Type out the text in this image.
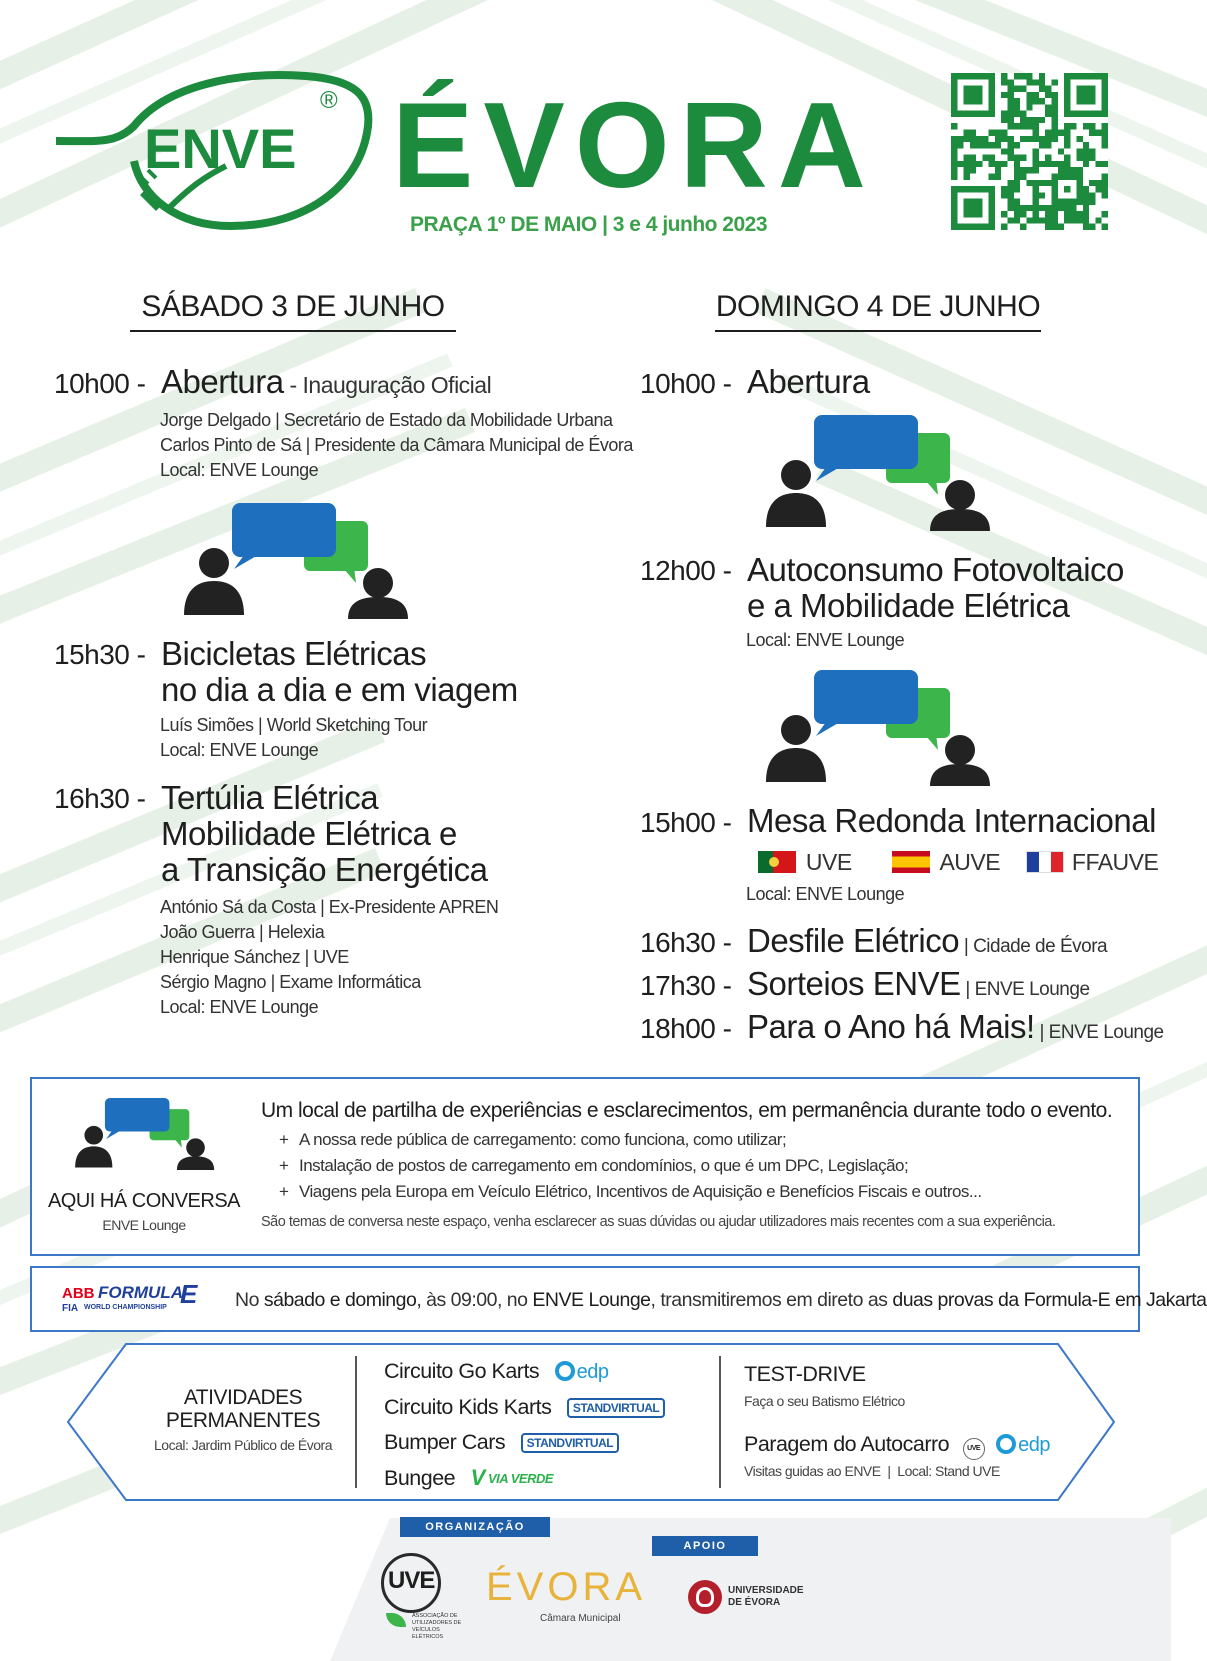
ENVE
® ÉVORA
PRAÇA 1º DE MAIO | 3 e 4 junho 2023
SÁBADO 3 DE JUNHO
10h00 - Abertura - Inauguração Oficial
Jorge Delgado | Secretário de Estado da Mobilidade Urbana
Carlos Pinto de Sá | Presidente da Câmara Municipal de Évora
Local: ENVE Lounge
15h30 - Bicicletas Elétricas
no dia a dia e em viagem
Luís Simões | World Sketching Tour
Local: ENVE Lounge
16h30 - Tertúlia Elétrica
Mobilidade Elétrica e
a Transição Energética
António Sá da Costa | Ex-Presidente APREN
João Guerra | Helexia
Henrique Sánchez | UVE
Sérgio Magno | Exame Informática
Local: ENVE Lounge
DOMINGO 4 DE JUNHO
10h00 - Abertura
12h00 - Autoconsumo Fotovoltaico
e a Mobilidade Elétrica
Local: ENVE Lounge
15h00 - Mesa Redonda Internacional
UVE	AUVE	FFAUVE
Local: ENVE Lounge
16h30 - Desfile Elétrico | Cidade de Évora
17h30 - Sorteios ENVE | ENVE Lounge
18h00 - Para o Ano há Mais! | ENVE Lounge
AQUI HÁ CONVERSA
ENVE Lounge
Um local de partilha de experiências e esclarecimentos, em permanência durante todo o evento.
+ A nossa rede pública de carregamento: como funciona, como utilizar;
+ Instalação de postos de carregamento em condomínios, o que é um DPC, Legislação;
+ Viagens pela Europa em Veículo Elétrico, Incentivos de Aquisição e Benefícios Fiscais e outros...
São temas de conversa neste espaço, venha esclarecer as suas dúvidas ou ajudar utilizadores mais recentes com a sua experiência.
ABB FORMULA
E
FIA WORLD CHAMPIONSHIP	No sábado e domingo, às 09:00, no ENVE Lounge, transmitiremos em direto as duas provas da Formula-E em Jakarta
ATIVIDADES
PERMANENTES
Local: Jardim Público de Évora
Circuito Go Karts edp
Circuito Kids Karts STANDVIRTUAL
Bumper Cars STANDVIRTUAL
Bungee V VIA VERDE
TEST-DRIVE
Faça o seu Batismo Elétrico
Paragem do Autocarro	UVE edp
Visitas guidas ao ENVE  |  Local: Stand UVE
ORGANIZAÇÃO
APOIO
UVE
ASSOCIAÇÃO DE UTILIZADORES DE VEÍCULOS ELÉTRICOS
ÉVORA
Câmara Municipal
UNIVERSIDADE
DE ÉVORA
